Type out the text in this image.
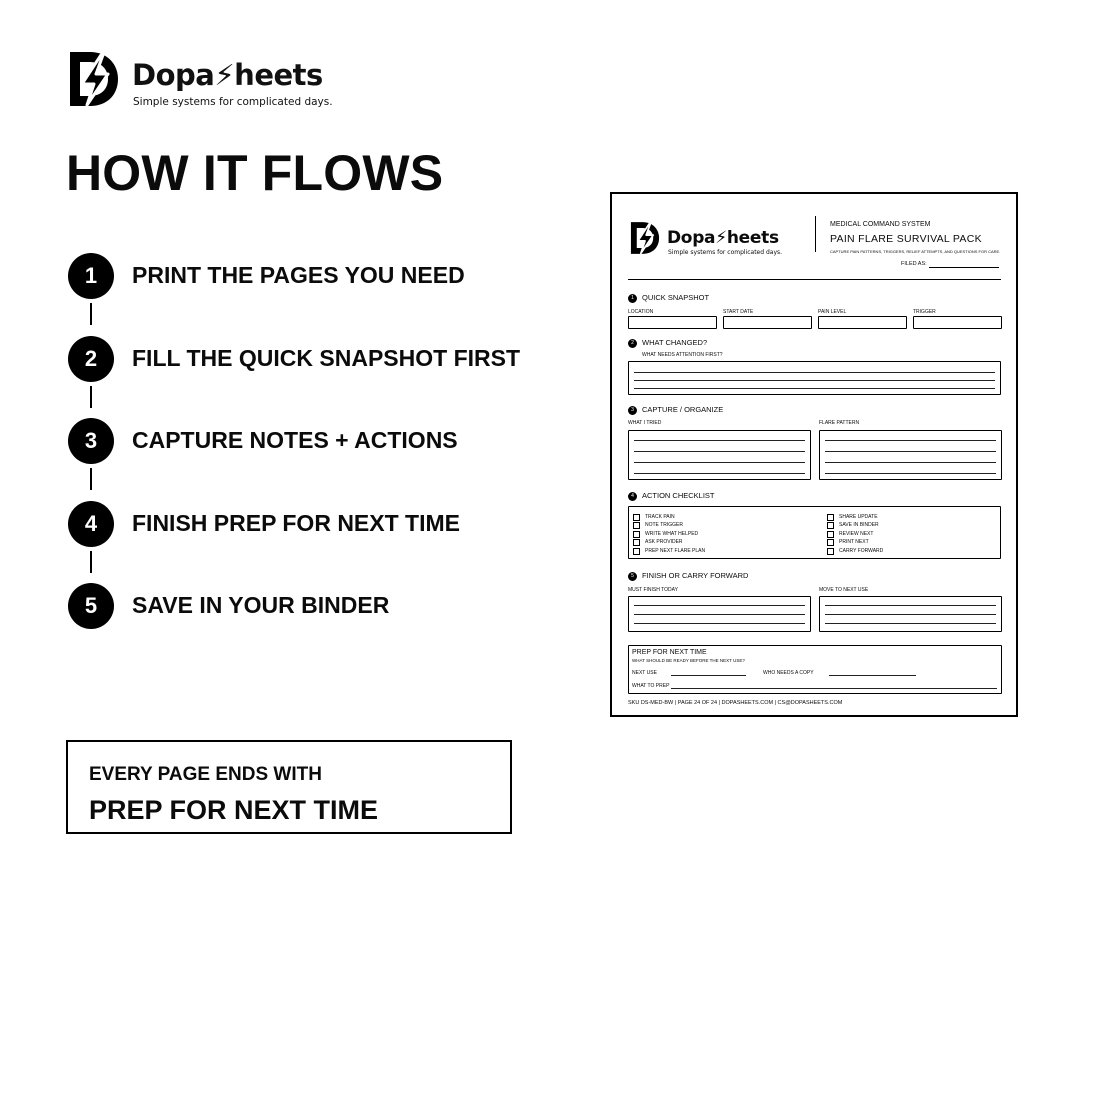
Dopa⚡heets
Simple systems for complicated days.
HOW IT FLOWS
1	PRINT THE PAGES YOU NEED
2	FILL THE QUICK SNAPSHOT FIRST
3	CAPTURE NOTES + ACTIONS
4	FINISH PREP FOR NEXT TIME
5	SAVE IN YOUR BINDER
EVERY PAGE ENDS WITH
PREP FOR NEXT TIME
Dopa⚡heets
Simple systems for complicated days.
MEDICAL COMMAND SYSTEM
PAIN FLARE SURVIVAL PACK
CAPTURE PAIN PATTERNS, TRIGGERS, RELIEF ATTEMPTS, AND QUESTIONS FOR CARE.
FILED AS:
1	QUICK SNAPSHOT
LOCATION	START DATE	PAIN LEVEL	TRIGGER
2	WHAT CHANGED?
WHAT NEEDS ATTENTION FIRST?
3	CAPTURE / ORGANIZE
WHAT I TRIED	FLARE PATTERN
4	ACTION CHECKLIST
TRACK PAIN
NOTE TRIGGER
WRITE WHAT HELPED
ASK PROVIDER
PREP NEXT FLARE PLAN
SHARE UPDATE
SAVE IN BINDER
REVIEW NEXT
PRINT NEXT
CARRY FORWARD
5	FINISH OR CARRY FORWARD
MUST FINISH TODAY	MOVE TO NEXT USE
PREP FOR NEXT TIME
WHAT SHOULD BE READY BEFORE THE NEXT USE?
NEXT USE	WHO NEEDS A COPY
WHAT TO PREP
SKU DS-MED-BW | PAGE 24 OF 24 | DOPASHEETS.COM | CS@DOPASHEETS.COM
